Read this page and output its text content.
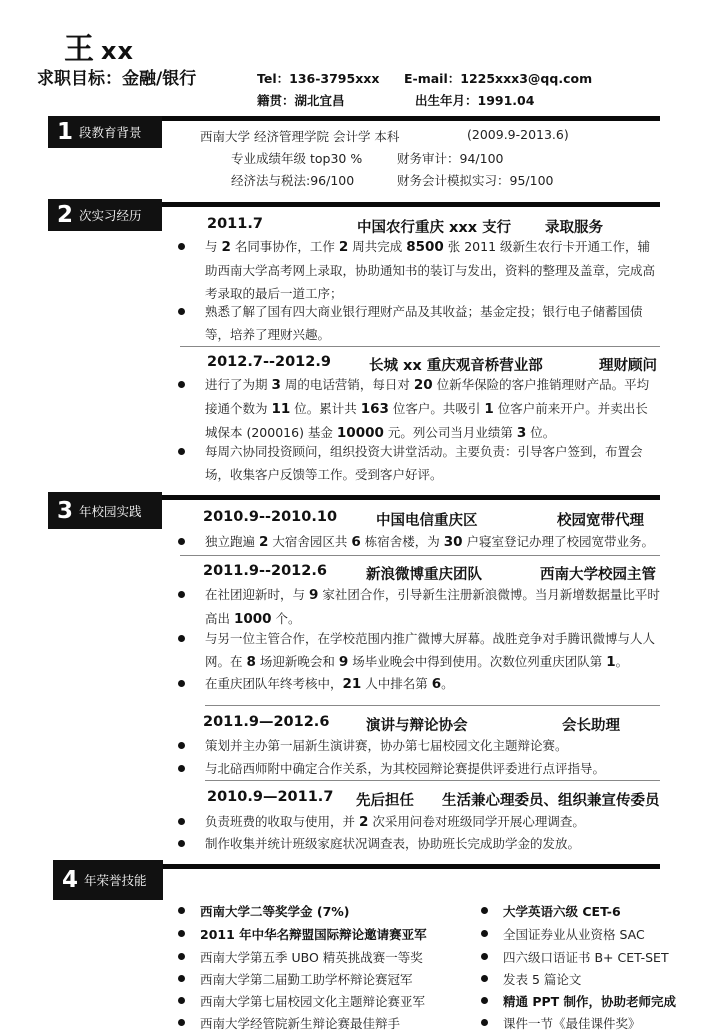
王 xx
求职目标：金融/银行	Tel：136-3795xxx E-mail：1225xxx3@qq.com
籍贯：湖北宜昌	出生年月：1991.04
1 段教育背景	西南大学 经济管理学院 会计学 本科	(2009.9-2013.6)
专业成绩年级 top30 %	财务审计：94/100
经济法与税法:96/100	财务会计模拟实习：95/100
2 次实习经历
2011.7	中国农行重庆 xxx 支行 录取服务
与 2 名同事协作，工作 2 周共完成 8500 张 2011 级新生农行卡开通工作，辅助西南大学高考网上录取，协助通知书的装订与发出，资料的整理及盖章，完成高考录取的最后一道工序；
熟悉了解了国有四大商业银行理财产品及其收益；基金定投；银行电子储蓄国债等，培养了理财兴趣。
2012.7--2012.9	长城 xx 重庆观音桥营业部	理财顾问
进行了为期 3 周的电话营销，每日对 20 位新华保险的客户推销理财产品。平均接通个数为 11 位。累计共 163 位客户。共吸引 1 位客户前来开户。并卖出长城保本 (200016) 基金 10000 元。列公司当月业绩第 3 位。
每周六协同投资顾问，组织投资大讲堂活动。主要负责：引导客户签到，布置会场，收集客户反馈等工作。受到客户好评。
3 年校园实践	2010.9--2010.10	中国电信重庆区	校园宽带代理
独立跑遍 2 大宿舍园区共 6 栋宿舍楼，为 30 户寝室登记办理了校园宽带业务。
2011.9--2012.6	新浪微博重庆团队	西南大学校园主管
在社团迎新时，与 9 家社团合作，引导新生注册新浪微博。当月新增数据量比平时高出 1000 个。
与另一位主管合作，在学校范围内推广微博大屏幕。战胜竞争对手腾讯微博与人人网。在 8 场迎新晚会和 9 场毕业晚会中得到使用。次数位列重庆团队第 1。
在重庆团队年终考核中，21 人中排名第 6。
2011.9—2012.6	演讲与辩论协会	会长助理
策划并主办第一届新生演讲赛，协办第七届校园文化主题辩论赛。
与北碚西师附中确定合作关系，为其校园辩论赛提供评委进行点评指导。
2010.9—2011.7 先后担任 生活兼心理委员、组织兼宣传委员
负责班费的收取与使用，并 2 次采用问卷对班级同学开展心理调查。
制作收集并统计班级家庭状况调查表，协助班长完成助学金的发放。
4 年荣誉技能
西南大学二等奖学金 (7%)
2011 年中华名辩盟国际辩论邀请赛亚军
西南大学第五季 UBO 精英挑战赛一等奖
西南大学第二届勤工助学杯辩论赛冠军
西南大学第七届校园文化主题辩论赛亚军
西南大学经管院新生辩论赛最佳辩手
大学英语六级 CET-6
全国证券业从业资格 SAC
四六级口语证书 B+ CET-SET
发表 5 篇论文
精通 PPT 制作，协助老师完成
课件一节《最佳课件奖》
